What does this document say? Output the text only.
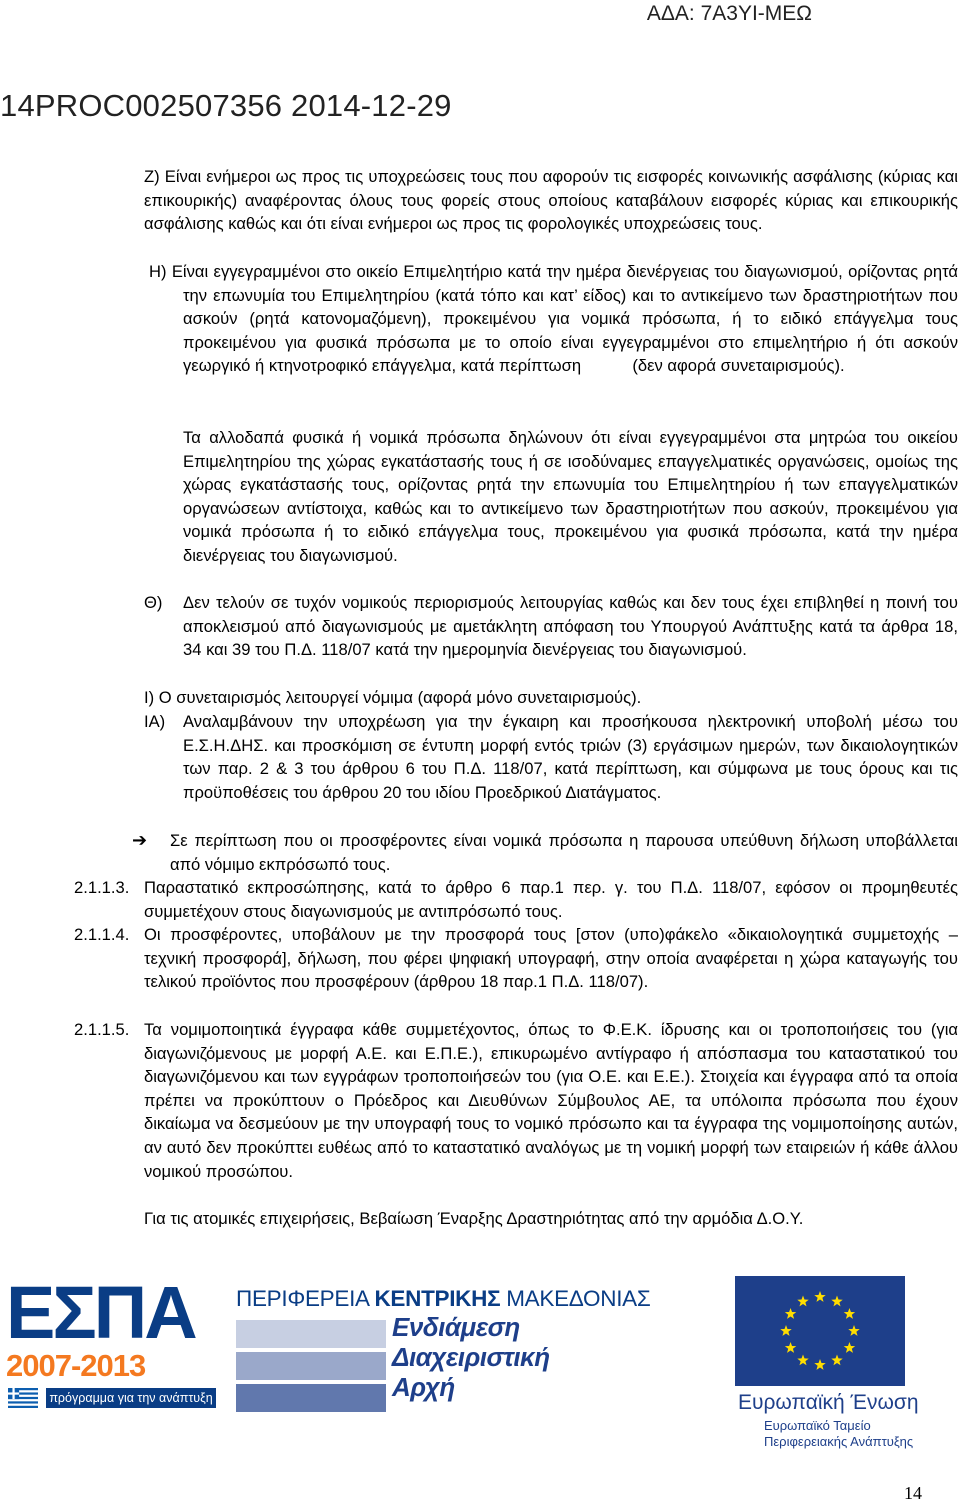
ΑΔΑ: 7Α3ΥΙ-ΜΕΩ
14PROC002507356 2014-12-29
Ζ) Είναι ενήμεροι ως προς τις υποχρεώσεις τους που αφορούν τις εισφορές κοινωνικής ασφάλισης (κύριας και επικουρικής) αναφέροντας όλους τους φορείς στους οποίους καταβάλουν εισφορές κύριας και επικουρικής ασφάλισης καθώς και ότι είναι ενήμεροι ως προς τις φορολογικές υποχρεώσεις τους.
Η) Είναι εγγεγραμμένοι στο οικείο Επιμελητήριο κατά την ημέρα διενέργειας του διαγωνισμού, ορίζοντας ρητά την επωνυμία του Επιμελητηρίου (κατά τόπο και κατ’ είδος) και το αντικείμενο των δραστηριοτήτων που ασκούν (ρητά κατονομαζόμενη), προκειμένου για νομικά πρόσωπα, ή το ειδικό επάγγελμα τους προκειμένου για φυσικά πρόσωπα με το οποίο είναι εγγεγραμμένοι στο επιμελητήριο ή ότι ασκούν γεωργικό ή κτηνοτροφικό επάγγελμα, κατά περίπτωση	(δεν αφορά συνεταιρισμούς).
Τα αλλοδαπά φυσικά ή νομικά πρόσωπα δηλώνουν ότι είναι εγγεγραμμένοι στα μητρώα του οικείου Επιμελητηρίου της χώρας εγκατάστασής τους ή σε ισοδύναμες επαγγελματικές οργανώσεις, ομοίως της χώρας εγκατάστασής τους, ορίζοντας ρητά την επωνυμία του Επιμελητηρίου ή των επαγγελματικών οργανώσεων αντίστοιχα, καθώς και το αντικείμενο των δραστηριοτήτων που ασκούν, προκειμένου για νομικά πρόσωπα ή το ειδικό επάγγελμα τους, προκειμένου για φυσικά πρόσωπα, κατά την ημέρα διενέργειας του διαγωνισμού.
Θ) Δεν τελούν σε τυχόν νομικούς περιορισμούς λειτουργίας καθώς και δεν τους έχει επιβληθεί η ποινή του αποκλεισμού από διαγωνισμούς με αμετάκλητη απόφαση του Υπουργού Ανάπτυξης κατά τα άρθρα 18, 34 και 39 του Π.Δ. 118/07 κατά την ημερομηνία διενέργειας του διαγωνισμού.
Ι) Ο συνεταιρισμός λειτουργεί νόμιμα (αφορά μόνο συνεταιρισμούς).
ΙΑ) Αναλαμβάνουν την υποχρέωση για την έγκαιρη και προσήκουσα ηλεκτρονική υποβολή μέσω του Ε.Σ.Η.ΔΗΣ. και προσκόμιση σε έντυπη μορφή εντός τριών (3) εργάσιμων ημερών, των δικαιολογητικών των παρ. 2 & 3 του άρθρου 6 του Π.Δ. 118/07, κατά περίπτωση, και σύμφωνα με τους όρους και τις προϋποθέσεις του άρθρου 20 του ιδίου Προεδρικού Διατάγματος.
➔ Σε περίπτωση που οι προσφέροντες είναι νομικά πρόσωπα η παρουσα υπεύθυνη δήλωση υποβάλλεται από νόμιμο εκπρόσωπό τους.
2.1.1.3. Παραστατικό εκπροσώπησης, κατά το άρθρο 6 παρ.1 περ. γ. του Π.Δ. 118/07, εφόσον οι προμηθευτές συμμετέχουν στους διαγωνισμούς με αντιπρόσωπό τους.
2.1.1.4. Οι προσφέροντες, υποβάλουν με την προσφορά τους [στον (υπο)φάκελο «δικαιολογητικά συμμετοχής – τεχνική προσφορά], δήλωση, που φέρει ψηφιακή υπογραφή, στην οποία αναφέρεται η χώρα καταγωγής του τελικού προϊόντος που προσφέρουν (άρθρου 18 παρ.1 Π.Δ. 118/07).
2.1.1.5. Τα νομιμοποιητικά έγγραφα κάθε συμμετέχοντος, όπως το Φ.Ε.Κ. ίδρυσης και οι τροποποιήσεις του (για διαγωνιζόμενους με μορφή Α.Ε. και Ε.Π.Ε.), επικυρωμένο αντίγραφο ή απόσπασμα του καταστατικού του διαγωνιζόμενου και των εγγράφων τροποποιήσεών του (για Ο.Ε. και Ε.Ε.). Στοιχεία και έγγραφα από τα οποία πρέπει να προκύπτουν ο Πρόεδρος και Διευθύνων Σύμβουλος ΑΕ, τα υπόλοιπα πρόσωπα που έχουν δικαίωμα να δεσμεύουν με την υπογραφή τους το νομικό πρόσωπο και τα έγγραφα της νομιμοποίησης αυτών, αν αυτό δεν προκύπτει ευθέως από το καταστατικό αναλόγως με τη νομική μορφή των εταιρειών ή κάθε άλλου νομικού προσώπου.
Για τις ατομικές επιχειρήσεις, Βεβαίωση Έναρξης Δραστηριότητας από την αρμόδια Δ.Ο.Υ.
ΕΣΠΑ
2007-2013
πρόγραμμα για την ανάπτυξη
ΠΕΡΙΦΕΡΕΙΑ ΚΕΝΤΡΙΚΗΣ ΜΑΚΕΔΟΝΙΑΣ
Ενδιάμεση
Διαχειριστική
Αρχή
Ευρωπαϊκή Ένωση
Ευρωπαϊκό Ταμείο
Περιφερειακής Ανάπτυξης
14
